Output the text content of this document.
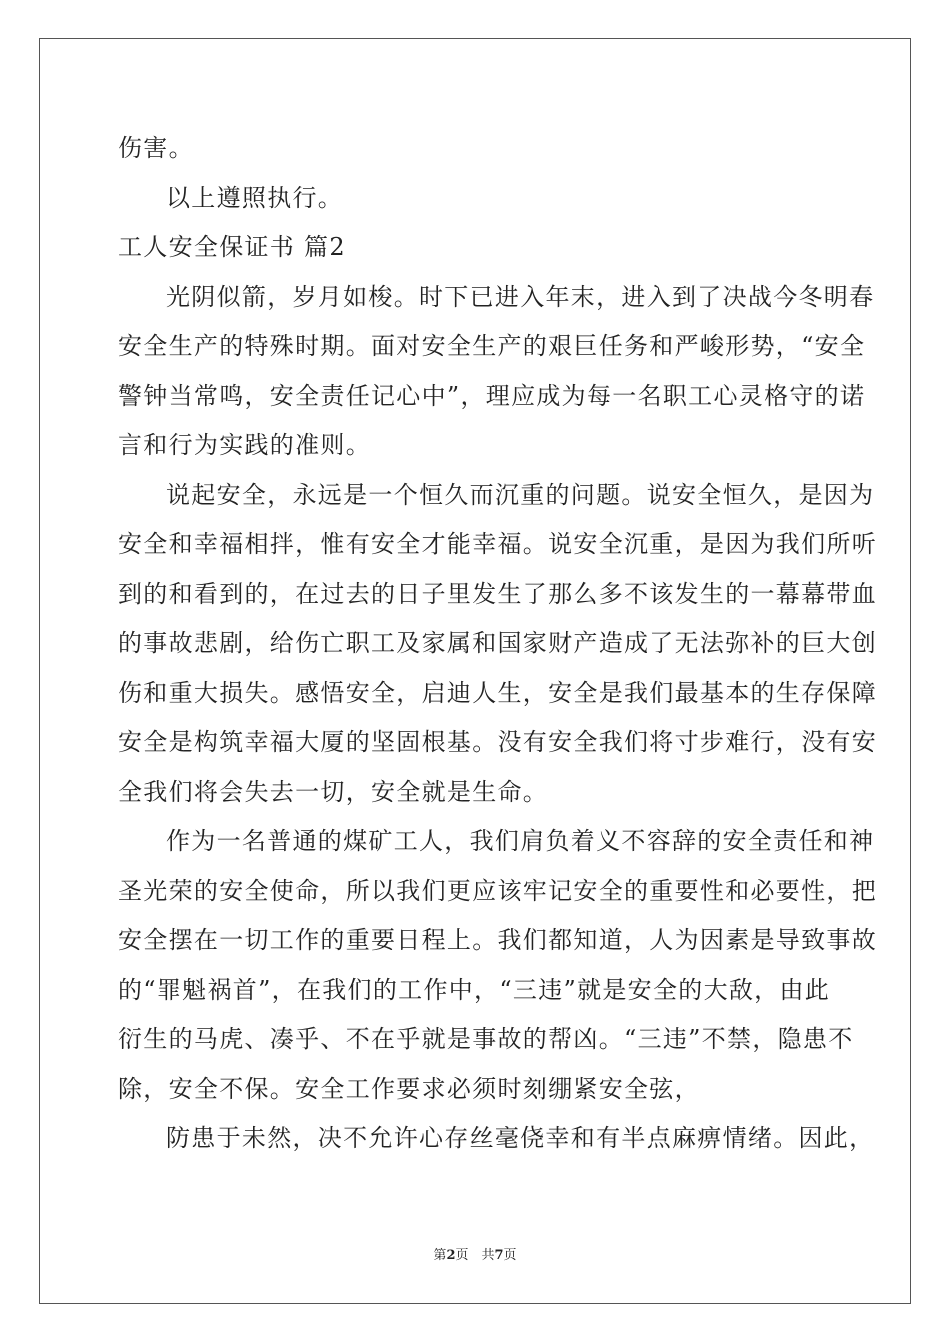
伤害。
以上遵照执行。
工人安全保证书 篇2
光阴似箭，岁月如梭。时下已进入年末，进入到了决战今冬明春
安全生产的特殊时期。面对安全生产的艰巨任务和严峻形势，“安全
警钟当常鸣，安全责任记心中”，理应成为每一名职工心灵格守的诺
言和行为实践的准则。
说起安全，永远是一个恒久而沉重的问题。说安全恒久，是因为
安全和幸福相拌，惟有安全才能幸福。说安全沉重，是因为我们所听
到的和看到的，在过去的日子里发生了那么多不该发生的一幕幕带血
的事故悲剧，给伤亡职工及家属和国家财产造成了无法弥补的巨大创
伤和重大损失。感悟安全，启迪人生，安全是我们最基本的生存保障
安全是构筑幸福大厦的坚固根基。没有安全我们将寸步难行，没有安
全我们将会失去一切，安全就是生命。
作为一名普通的煤矿工人，我们肩负着义不容辞的安全责任和神
圣光荣的安全使命，所以我们更应该牢记安全的重要性和必要性，把
安全摆在一切工作的重要日程上。我们都知道，人为因素是导致事故
的“罪魁祸首”，在我们的工作中，“三违”就是安全的大敌，由此
衍生的马虎、凑乎、不在乎就是事故的帮凶。“三违”不禁，隐患不
除，安全不保。安全工作要求必须时刻绷紧安全弦，
防患于未然，决不允许心存丝毫侥幸和有半点麻痹情绪。因此，
第2页　共7页
